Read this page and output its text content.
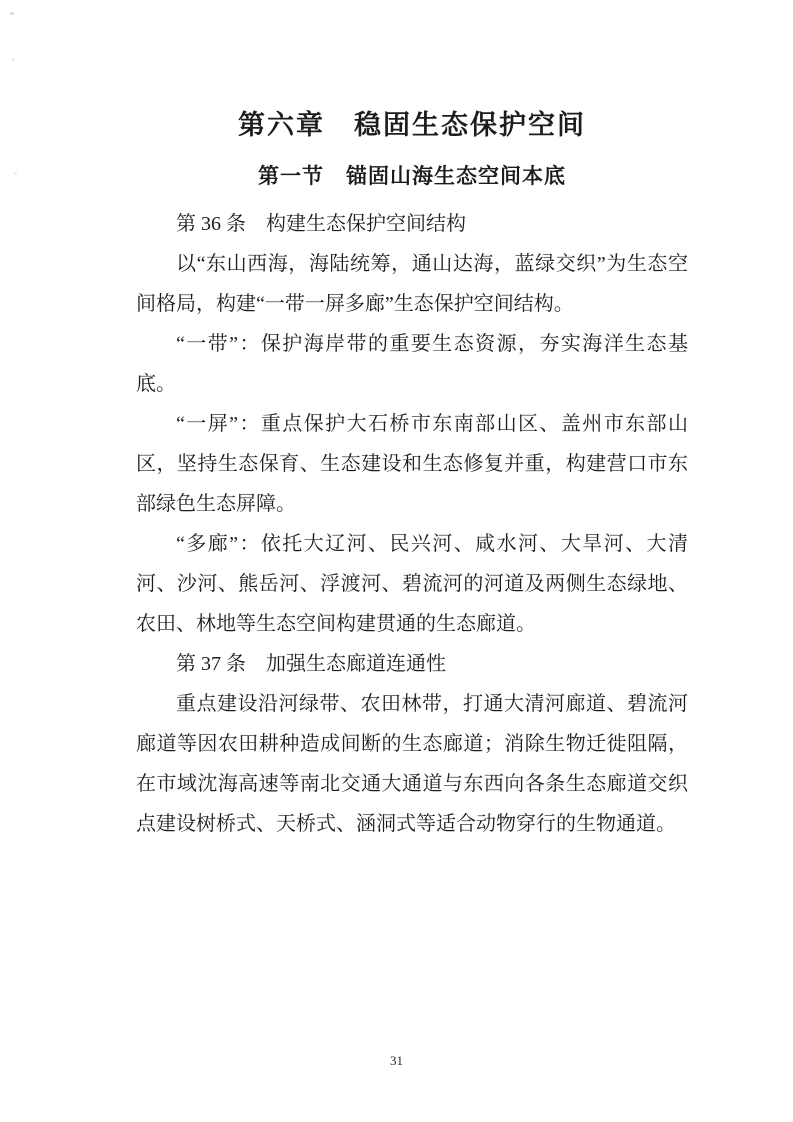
第六章　稳固生态保护空间
第一节　锚固山海生态空间本底
第 36 条　构建生态保护空间结构

以“东山西海，海陆统筹，通山达海，蓝绿交织”为生态空间格局，构建“一带一屏多廊”生态保护空间结构。

“一带”：保护海岸带的重要生态资源，夯实海洋生态基底。

“一屏”：重点保护大石桥市东南部山区、盖州市东部山区，坚持生态保育、生态建设和生态修复并重，构建营口市东部绿色生态屏障。

“多廊”：依托大辽河、民兴河、咸水河、大旱河、大清河、沙河、熊岳河、浮渡河、碧流河的河道及两侧生态绿地、农田、林地等生态空间构建贯通的生态廊道。

第 37 条　加强生态廊道连通性

重点建设沿河绿带、农田林带，打通大清河廊道、碧流河廊道等因农田耕种造成间断的生态廊道；消除生物迁徙阻隔，在市域沈海高速等南北交通大通道与东西向各条生态廊道交织点建设树桥式、天桥式、涵洞式等适合动物穿行的生物通道。

31
